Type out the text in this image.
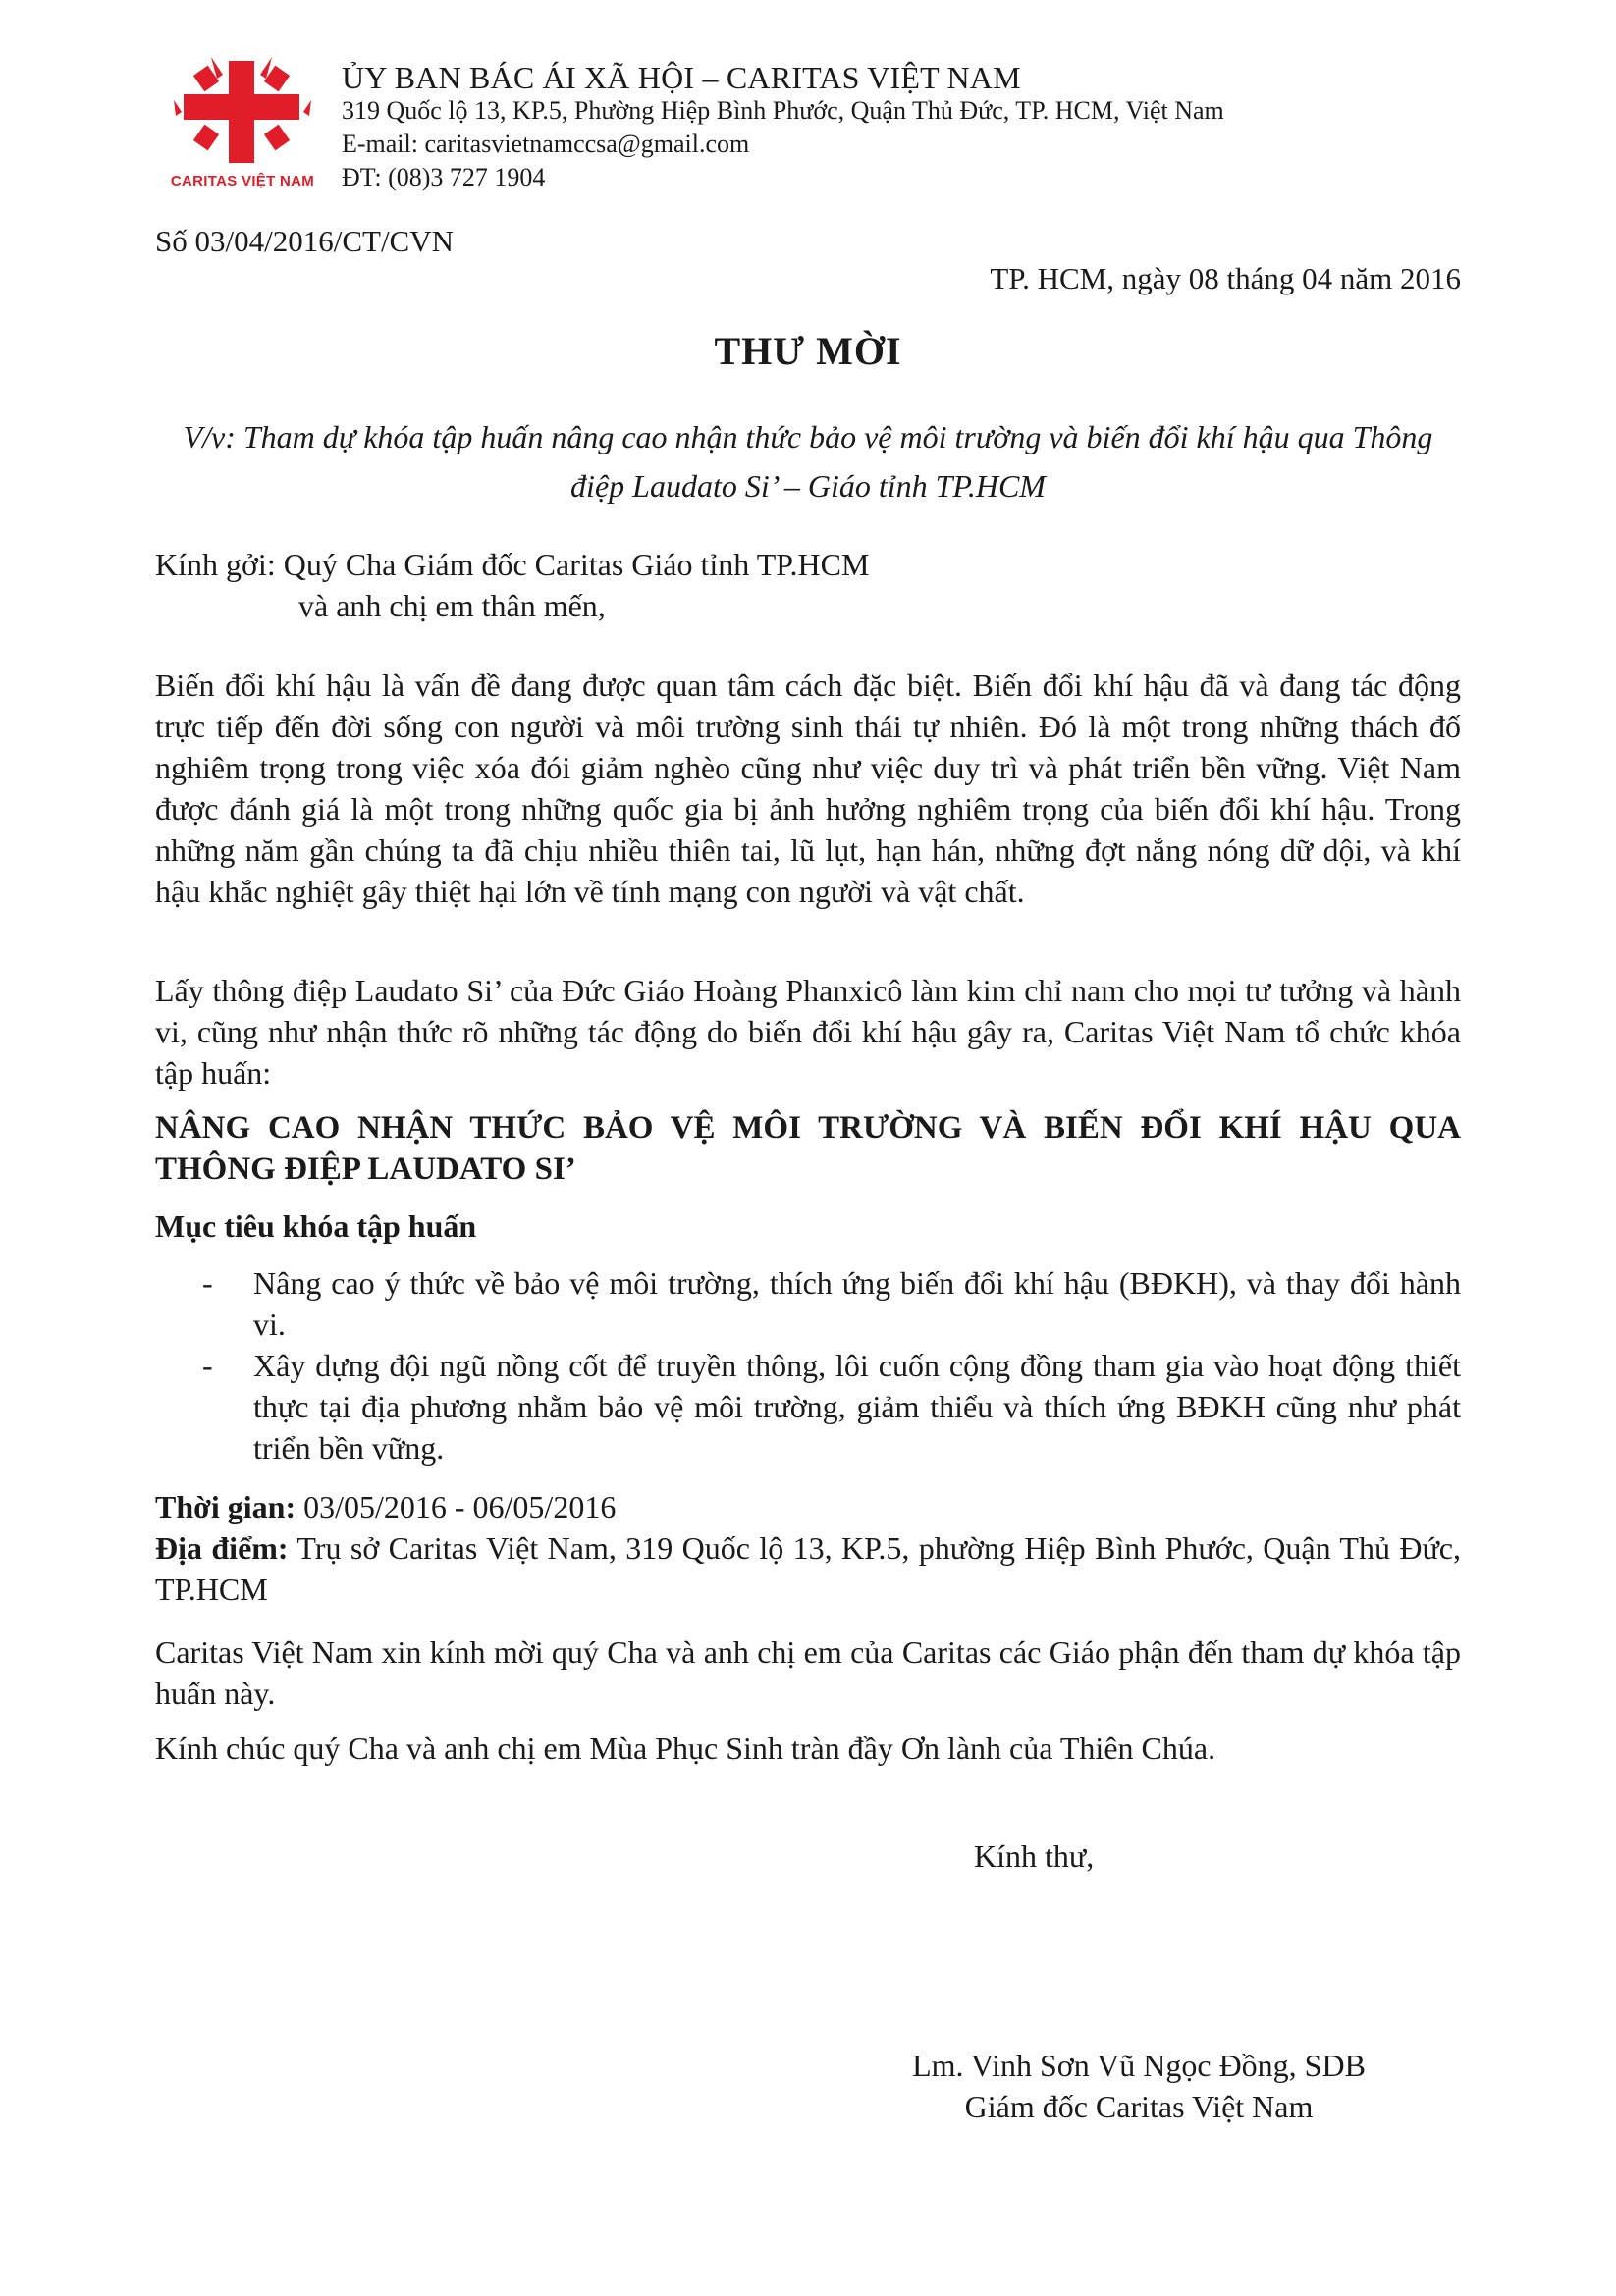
CARITAS VIỆT NAM
ỦY BAN BÁC ÁI XÃ HỘI – CARITAS VIỆT NAM
319 Quốc lộ 13, KP.5, Phường Hiệp Bình Phước, Quận Thủ Đức, TP. HCM, Việt Nam
E-mail: caritasvietnamccsa@gmail.com
ĐT: (08)3 727 1904
Số 03/04/2016/CT/CVN
TP. HCM, ngày 08 tháng 04 năm 2016
THƯ MỜI
V/v: Tham dự khóa tập huấn nâng cao nhận thức bảo vệ môi trường và biến đổi khí hậu qua Thông điệp Laudato Si’ – Giáo tỉnh TP.HCM
Kính gởi: Quý Cha Giám đốc Caritas Giáo tỉnh TP.HCM
và anh chị em thân mến,
Biến đổi khí hậu là vấn đề đang được quan tâm cách đặc biệt. Biến đổi khí hậu đã và đang tác động trực tiếp đến đời sống con người và môi trường sinh thái tự nhiên. Đó là một trong những thách đố nghiêm trọng trong việc xóa đói giảm nghèo cũng như việc duy trì và phát triển bền vững. Việt Nam được đánh giá là một trong những quốc gia bị ảnh hưởng nghiêm trọng của biến đổi khí hậu. Trong những năm gần chúng ta đã chịu nhiều thiên tai, lũ lụt, hạn hán, những đợt nắng nóng dữ dội, và khí hậu khắc nghiệt gây thiệt hại lớn về tính mạng con người và vật chất.
Lấy thông điệp Laudato Si’ của Đức Giáo Hoàng Phanxicô làm kim chỉ nam cho mọi tư tưởng và hành vi, cũng như nhận thức rõ những tác động do biến đổi khí hậu gây ra, Caritas Việt Nam tổ chức khóa tập huấn:
NÂNG CAO NHẬN THỨC BẢO VỆ MÔI TRƯỜNG VÀ BIẾN ĐỔI KHÍ HẬU QUA THÔNG ĐIỆP LAUDATO SI’
Mục tiêu khóa tập huấn
- Nâng cao ý thức về bảo vệ môi trường, thích ứng biến đổi khí hậu (BĐKH), và thay đổi hành vi.
- Xây dựng đội ngũ nồng cốt để truyền thông, lôi cuốn cộng đồng tham gia vào hoạt động thiết thực tại địa phương nhằm bảo vệ môi trường, giảm thiểu và thích ứng BĐKH cũng như phát triển bền vững.
Thời gian: 03/05/2016 - 06/05/2016
Địa điểm: Trụ sở Caritas Việt Nam, 319 Quốc lộ 13, KP.5, phường Hiệp Bình Phước, Quận Thủ Đức, TP.HCM
Caritas Việt Nam xin kính mời quý Cha và anh chị em của Caritas các Giáo phận đến tham dự khóa tập huấn này.
Kính chúc quý Cha và anh chị em Mùa Phục Sinh tràn đầy Ơn lành của Thiên Chúa.
Kính thư,
Lm. Vinh Sơn Vũ Ngọc Đồng, SDB
Giám đốc Caritas Việt Nam
